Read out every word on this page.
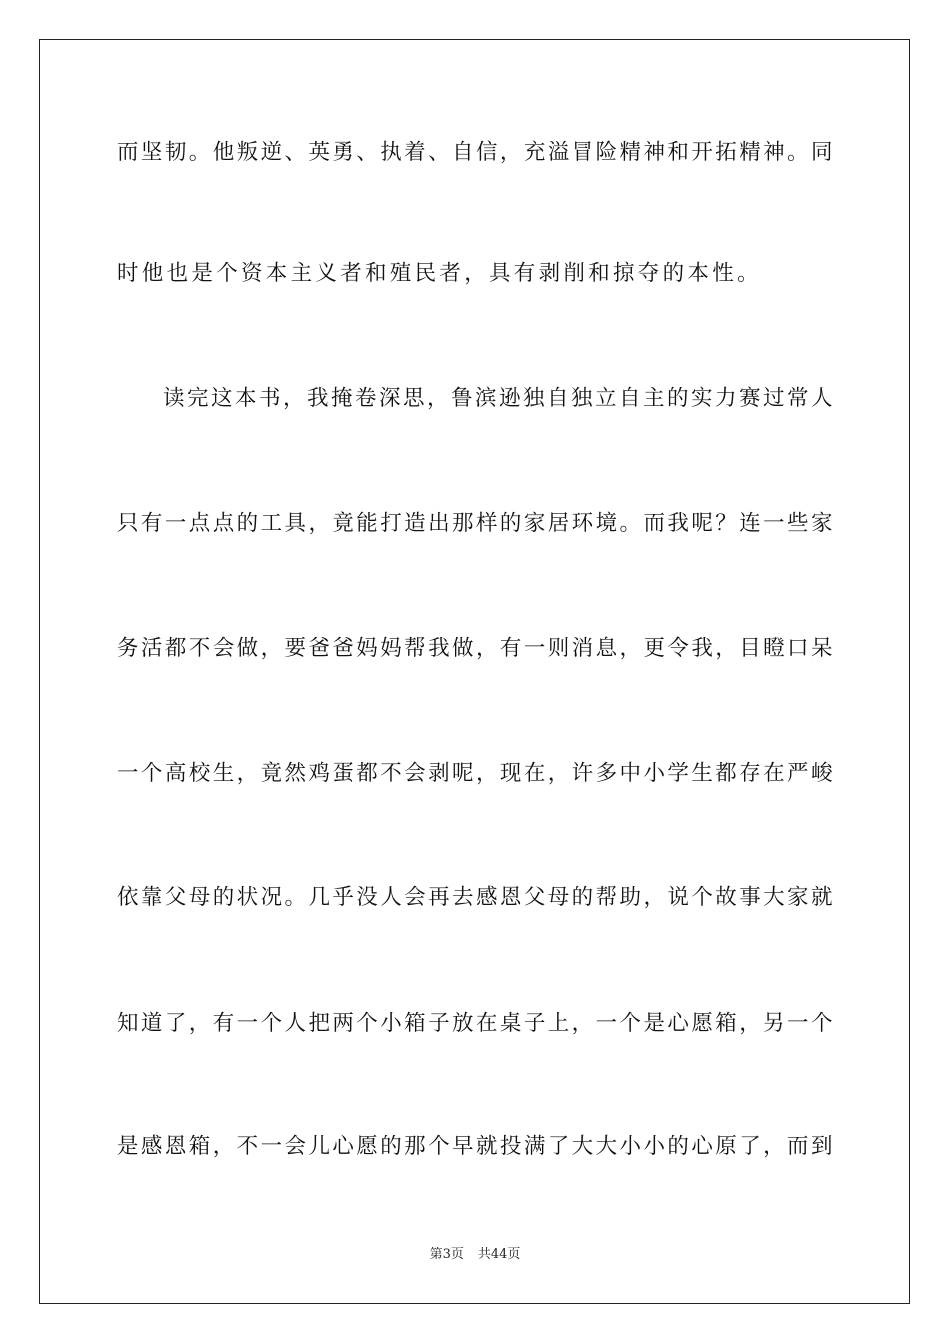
而坚韧。他叛逆、英勇、执着、自信，充溢冒险精神和开拓精神。同
时他也是个资本主义者和殖民者，具有剥削和掠夺的本性。
读完这本书，我掩卷深思，鲁滨逊独自独立自主的实力赛过常人
只有一点点的工具，竟能打造出那样的家居环境。而我呢？连一些家
务活都不会做，要爸爸妈妈帮我做，有一则消息，更令我，目瞪口呆
一个高校生，竟然鸡蛋都不会剥呢，现在，许多中小学生都存在严峻
依靠父母的状况。几乎没人会再去感恩父母的帮助，说个故事大家就
知道了，有一个人把两个小箱子放在桌子上，一个是心愿箱，另一个
是感恩箱，不一会儿心愿的那个早就投满了大大小小的心原了，而到
第3页 共44页
